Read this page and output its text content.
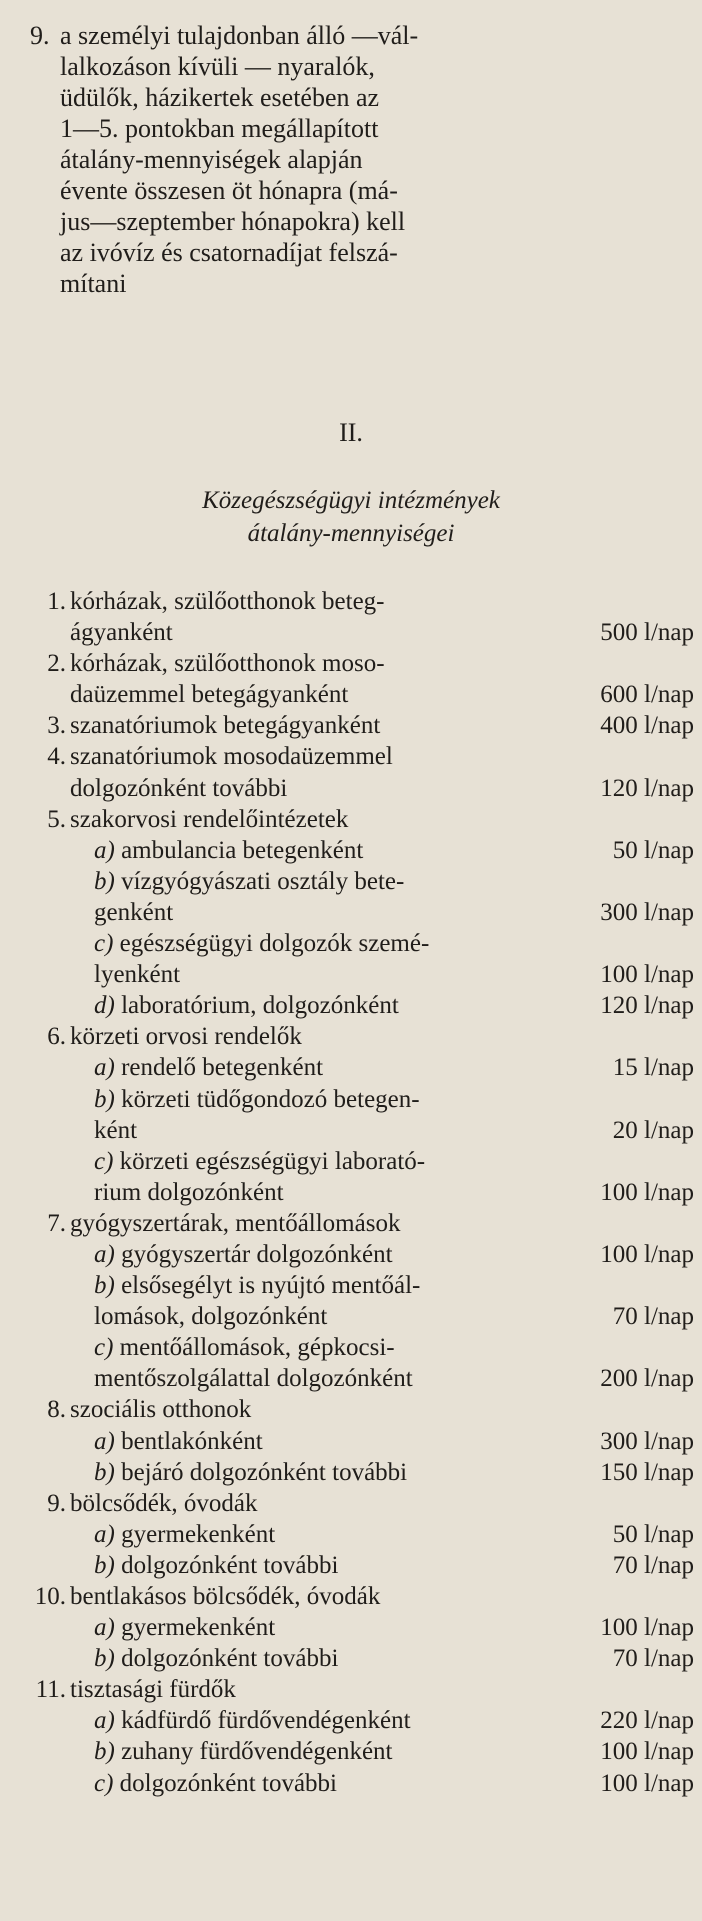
9. a személyi tulajdonban álló —vál-
lalkozáson kívüli — nyaralók,
üdülők, házikertek esetében az
1—5. pontokban megállapított
átalány-mennyiségek alapján
évente összesen öt hónapra (má-
jus—szeptember hónapokra) kell
az ivóvíz és csatornadíjat felszá-
mítani
II.
Közegészségügyi intézmények
átalány-mennyiségei
1. kórházak, szülőotthonok beteg-
ágyanként	500 l/nap
2. kórházak, szülőotthonok moso-
daüzemmel betegágyanként	600 l/nap
3. szanatóriumok betegágyanként	400 l/nap
4. szanatóriumok mosodaüzemmel
dolgozónként további	120 l/nap
5. szakorvosi rendelőintézetek
a) ambulancia betegenként	50 l/nap
b) vízgyógyászati osztály bete-
genként	300 l/nap
c) egészségügyi dolgozók szemé-
lyenként	100 l/nap
d) laboratórium, dolgozónként	120 l/nap
6. körzeti orvosi rendelők
a) rendelő betegenként	15 l/nap
b) körzeti tüdőgondozó betegen-
ként	20 l/nap
c) körzeti egészségügyi laborató-
rium dolgozónként	100 l/nap
7. gyógyszertárak, mentőállomások
a) gyógyszertár dolgozónként	100 l/nap
b) elsősegélyt is nyújtó mentőál-
lomások, dolgozónként	70 l/nap
c) mentőállomások, gépkocsi-
mentőszolgálattal dolgozónként	200 l/nap
8. szociális otthonok
a) bentlakónként	300 l/nap
b) bejáró dolgozónként további	150 l/nap
9. bölcsődék, óvodák
a) gyermekenként	50 l/nap
b) dolgozónként további	70 l/nap
10. bentlakásos bölcsődék, óvodák
a) gyermekenként	100 l/nap
b) dolgozónként további	70 l/nap
11. tisztasági fürdők
a) kádfürdő fürdővendégenként	220 l/nap
b) zuhany fürdővendégenként	100 l/nap
c) dolgozónként további	100 l/nap
